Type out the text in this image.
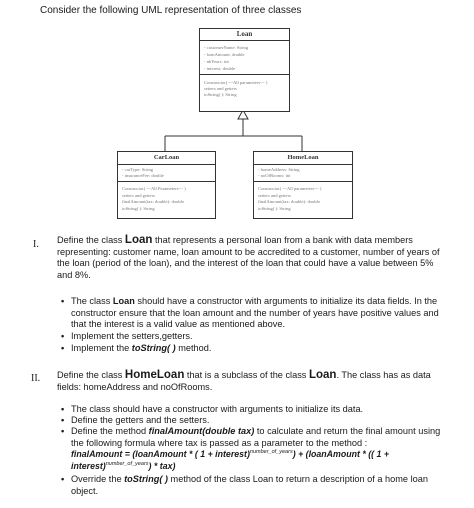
Consider the following UML representation of three classes
Loan
- customerName: String
- loanAmount: double
- nbYears: int
- interest: double
Constructor( ---All parameters--- )
setters and getters
toString( ): String
CarLoan
- carType: String
- insuranceFee: double
Constructor( ---All Parameters--- )
setters and getters
finalAmount(tax: double): double
toString( ): String
HomeLoan
- homeAddress: String
- noOfRooms: int
Constructor( ---All parameters--- )
setters and getters
finalAmount(tax: double): double
toString( ): String
I. Define the class Loan that represents a personal loan from a bank with data members
representing: customer name, loan amount to be accredited to a customer, number of years of
the loan (period of the loan), and the interest of the loan that could have a value between 5%
and 8%.
• The class Loan should have a constructor with arguments to initialize its data fields. In the
constructor ensure that the loan amount and the number of years have positive values and
that the interest is a valid value as mentioned above.
• Implement the setters,getters.
• Implement the toString( ) method.
II. Define the class HomeLoan that is a subclass of the class Loan. The class has as data
fields: homeAddress and noOfRooms.
• The class should have a constructor with arguments to initialize its data.
• Define the getters and the setters.
• Define the method finalAmount(double tax) to calculate and return the final amount using
the following formula where tax is passed as a parameter to the method :
finalAmount = (loanAmount * ( 1 + interest)$^{number\_of\_years}$) + (loanAmount * (( 1 +
interest)$^{number\_of\_years}$) * tax)
• Override the toString( ) method of the class Loan to return a description of a home loan
object.
